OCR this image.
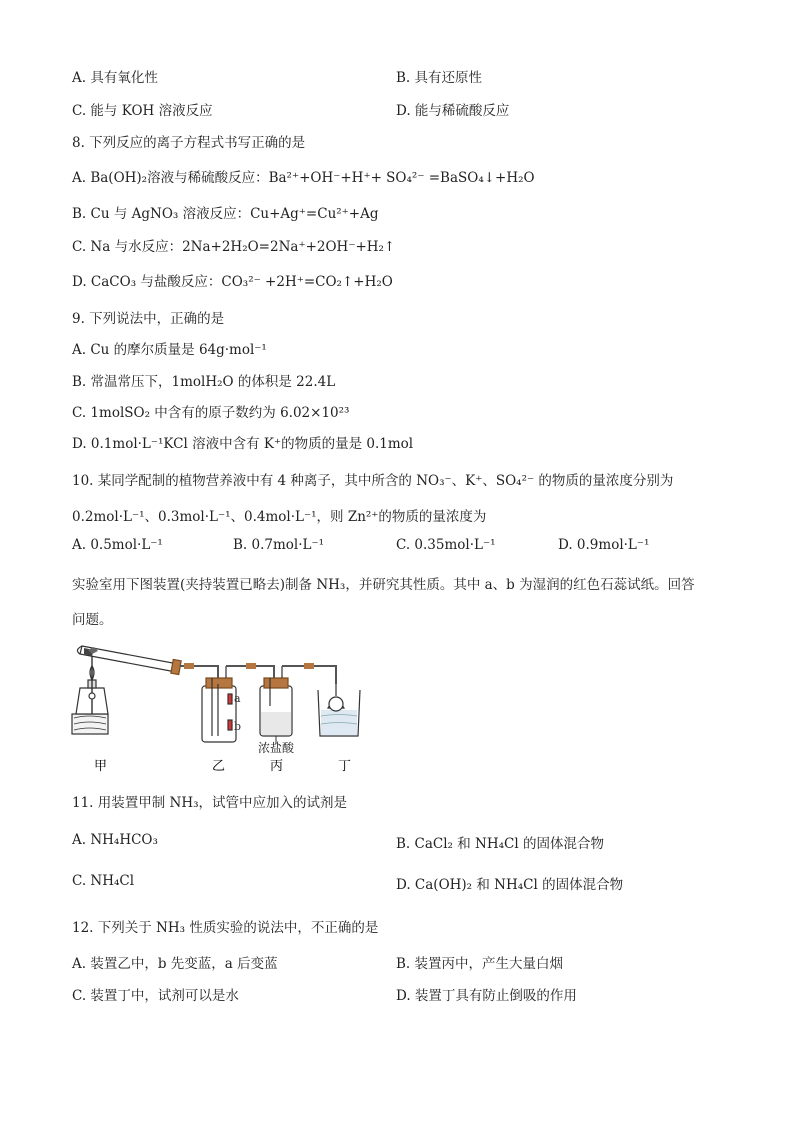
A. 具有氧化性	B. 具有还原性
C. 能与 KOH 溶液反应	D. 能与稀硫酸反应
8. 下列反应的离子方程式书写正确的是
A. Ba(OH)₂溶液与稀硫酸反应：Ba²⁺+OH⁻+H⁺+ SO₄²⁻ =BaSO₄↓+H₂O
B. Cu 与 AgNO₃ 溶液反应：Cu+Ag⁺=Cu²⁺+Ag
C. Na 与水反应：2Na+2H₂O=2Na⁺+2OH⁻+H₂↑
D. CaCO₃ 与盐酸反应：CO₃²⁻ +2H⁺=CO₂↑+H₂O
9. 下列说法中，正确的是
A. Cu 的摩尔质量是 64g·mol⁻¹
B. 常温常压下，1molH₂O 的体积是 22.4L
C. 1molSO₂ 中含有的原子数约为 6.02×10²³
D. 0.1mol·L⁻¹KCl 溶液中含有 K⁺的物质的量是 0.1mol
10. 某同学配制的植物营养液中有 4 种离子，其中所含的 NO₃⁻、K⁺、SO₄²⁻ 的物质的量浓度分别为
0.2mol·L⁻¹、0.3mol·L⁻¹、0.4mol·L⁻¹，则 Zn²⁺的物质的量浓度为
A. 0.5mol·L⁻¹	B. 0.7mol·L⁻¹	C. 0.35mol·L⁻¹	D. 0.9mol·L⁻¹
实验室用下图装置(夹持装置已略去)制备 NH₃，并研究其性质。其中 a、b 为湿润的红色石蕊试纸。回答
问题。
a
b
浓盐酸
甲	乙	丙	丁
11. 用装置甲制 NH₃，试管中应加入的试剂是
A. NH₄HCO₃	B. CaCl₂ 和 NH₄Cl 的固体混合物
C. NH₄Cl	D. Ca(OH)₂ 和 NH₄Cl 的固体混合物
12. 下列关于 NH₃ 性质实验的说法中，不正确的是
A. 装置乙中，b 先变蓝，a 后变蓝	B. 装置丙中，产生大量白烟
C. 装置丁中，试剂可以是水	D. 装置丁具有防止倒吸的作用
